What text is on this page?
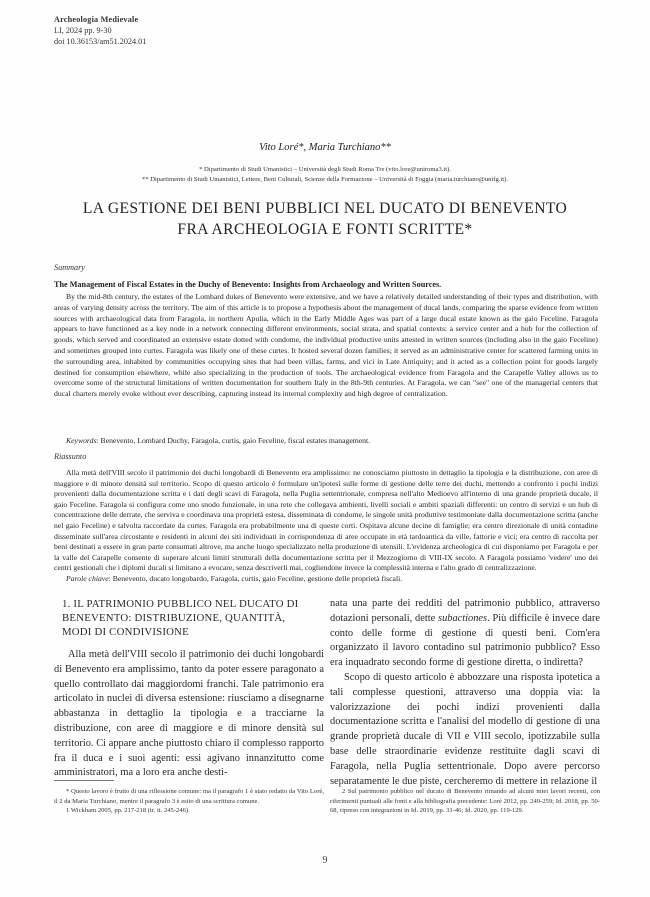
Archeologia Medievale
LI, 2024 pp. 9-30
doi 10.36153/am51.2024.01
Vito Loré*, Maria Turchiano**
* Dipartimento di Studi Umanistici – Università degli Studi Roma Tre (vito.lore@uniroma3.it).
** Dipartimento di Studi Umanistici, Lettere, Beni Culturali, Scienze della Formazione – Università di Foggia (maria.turchiano@unifg.it).
LA GESTIONE DEI BENI PUBBLICI NEL DUCATO DI BENEVENTO
FRA ARCHEOLOGIA E FONTI SCRITTE*
Summary
The Management of Fiscal Estates in the Duchy of Benevento: Insights from Archaeology and Written Sources.
By the mid-8th century, the estates of the Lombard dukes of Benevento were extensive, and we have a relatively detailed understanding of their types and distribution, with areas of varying density across the territory. The aim of this article is to propose a hypothesis about the management of ducal lands, comparing the sparse evidence from written sources with archaeological data from Faragola, in northern Apulia, which in the Early Middle Ages was part of a large ducal estate known as the gaio Feceline. Faragola appears to have functioned as a key node in a network connecting different environments, social strata, and spatial contexts: a service center and a hub for the collection of goods, which served and coordinated an extensive estate dotted with condome, the individual productive units attested in written sources (including also in the gaio Feceline) and sometimes grouped into curtes. Faragola was likely one of these curtes. It hosted several dozen families; it served as an administrative center for scattered farming units in the surrounding area, inhabited by communities occupying sites that had been villas, farms, and vici in Late Antiquity; and it acted as a collection point for goods largely destined for consumption elsewhere, while also specializing in the production of tools. The archaeological evidence from Faragola and the Carapelle Valley allows us to overcome some of the structural limitations of written documentation for southern Italy in the 8th-9th centuries. At Faragola, we can "see" one of the managerial centers that ducal charters merely evoke without ever describing, capturing instead its internal complexity and high degree of centralization.
Keywords: Benevento, Lombard Duchy, Faragola, curtis, gaio Feceline, fiscal estates management.
Riassunto
Alla metà dell'VIII secolo il patrimonio dei duchi longobardi di Benevento era amplissimo: ne conosciamo piuttosto in dettaglio la tipologia e la distribuzione, con aree di maggiore e di minore densità sul territorio. Scopo di questo articolo è formulare un'ipotesi sulle forme di gestione delle terre dei duchi, mettendo a confronto i pochi indizi provenienti dalla documentazione scritta e i dati degli scavi di Faragola, nella Puglia settentrionale, compresa nell'alto Medioevo all'interno di una grande proprietà ducale, il gaio Feceline. Faragola si configura come uno snodo funzionale, in una rete che collegava ambienti, livelli sociali e ambiti spaziali differenti: un centro di servizi e un hub di concentrazione delle derrate, che serviva e coordinava una proprietà estesa, disseminata di condome, le singole unità produttive testimoniate dalla documentazione scritta (anche nel gaio Feceline) e talvolta raccordate da curtes. Faragola era probabilmente una di queste corti. Ospitava alcune decine di famiglie; era centro direzionale di unità contadine disseminate sull'area circostante e residenti in alcuni dei siti individuati in corrispondenza di aree occupate in età tardoantica da ville, fattorie e vici; era centro di raccolta per beni destinati a essere in gran parte consumati altrove, ma anche luogo specializzato nella produzione di utensili. L'evidenza archeologica di cui disponiamo per Faragola e per la valle del Carapelle consente di superare alcuni limiti strutturali della documentazione scritta per il Mezzogiorno di VIII-IX secolo. A Faragola possiamo 'vedere' uno dei centri gestionali che i diplomi ducali si limitano a evocare, senza descriverli mai, cogliendone invece la complessità interna e l'alto grado di centralizzazione.
Parole chiave: Benevento, ducato longobardo, Faragola, curtis, gaio Feceline, gestione delle proprietà fiscali.
1. IL PATRIMONIO PUBBLICO NEL DUCATO DI BENEVENTO: DISTRIBUZIONE, QUANTITÀ, MODI DI CONDIVISIONE
Alla metà dell'VIII secolo il patrimonio dei duchi longobardi di Benevento era amplissimo, tanto da poter essere paragonato a quello controllato dai maggiordomi franchi. Tale patrimonio era articolato in nuclei di diversa estensione: riusciamo a disegnarne abbastanza in dettaglio la tipologia e a tracciarne la distribuzione, con aree di maggiore e di minore densità sul territorio. Ci appare anche piuttosto chiaro il complesso rapporto fra il duca e i suoi agenti: essi agivano innanzitutto come amministratori, ma a loro era anche desti-
nata una parte dei redditi del patrimonio pubblico, attraverso dotazioni personali, dette subactiones. Più difficile è invece dare conto delle forme di gestione di questi beni. Com'era organizzato il lavoro contadino sul patrimonio pubblico? Esso era inquadrato secondo forme di gestione diretta, o indiretta?
Scopo di questo articolo è abbozzare una risposta ipotetica a tali complesse questioni, attraverso una doppia via: la valorizzazione dei pochi indizi provenienti dalla documentazione scritta e l'analisi del modello di gestione di una grande proprietà ducale di VII e VIII secolo, ipotizzabile sulla base delle straordinarie evidenze restituite dagli scavi di Faragola, nella Puglia settentrionale. Dopo avere percorso separatamente le due piste, cercheremo di mettere in relazione il
* Questo lavoro è frutto di una riflessione comune: ma il paragrafo 1 è stato redatto da Vito Loré, il 2 da Maria Turchiano, mentre il paragrafo 3 è esito di una scrittura comune.
1 Wickham 2005, pp. 217-218 (tr. it. 245-246).
2 Sul patrimonio pubblico nel ducato di Benevento rimando ad alcuni miei lavori recenti, con riferimenti puntuali alle fonti e alla bibliografia precedente: Loré 2012, pp. 249-259; Id. 2018, pp. 50-68, ripreso con integrazioni in Id. 2019, pp. 31-46; Id. 2020, pp. 119-129.
9
